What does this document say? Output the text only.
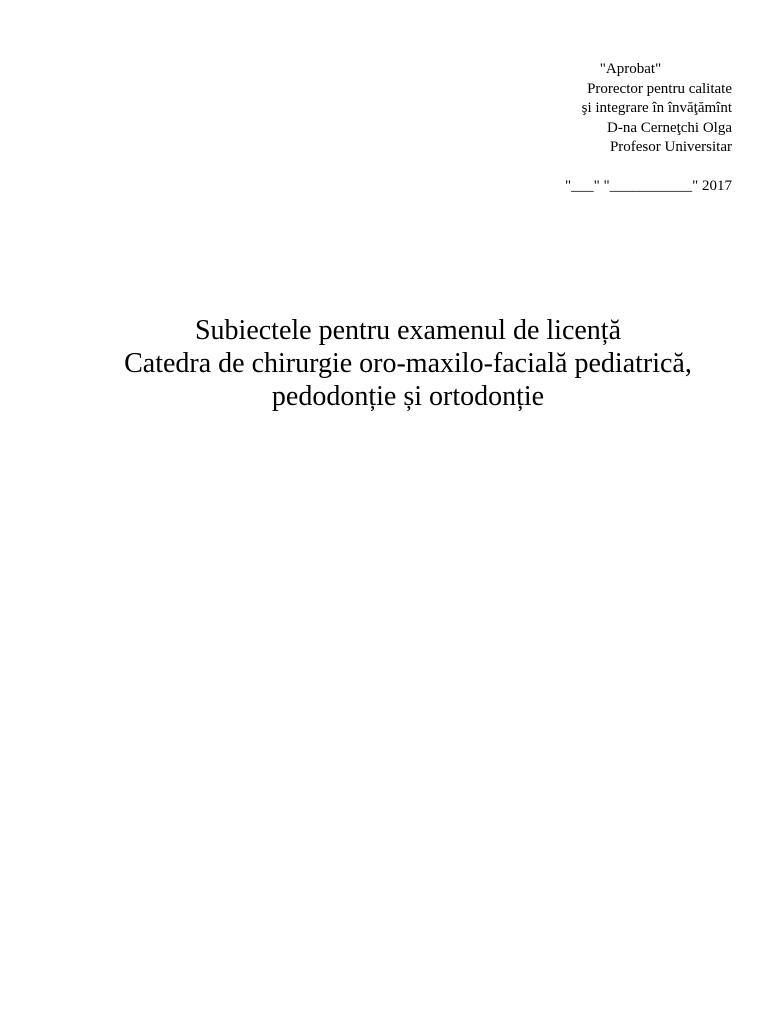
"Aprobat"
Prorector pentru calitate
şi integrare în învăţămînt
D-na Cerneţchi Olga
Profesor Universitar
"___" "___________" 2017
Subiectele pentru examenul de licență
Catedra de chirurgie oro-maxilo-facială pediatrică,
pedodonție și ortodonție
